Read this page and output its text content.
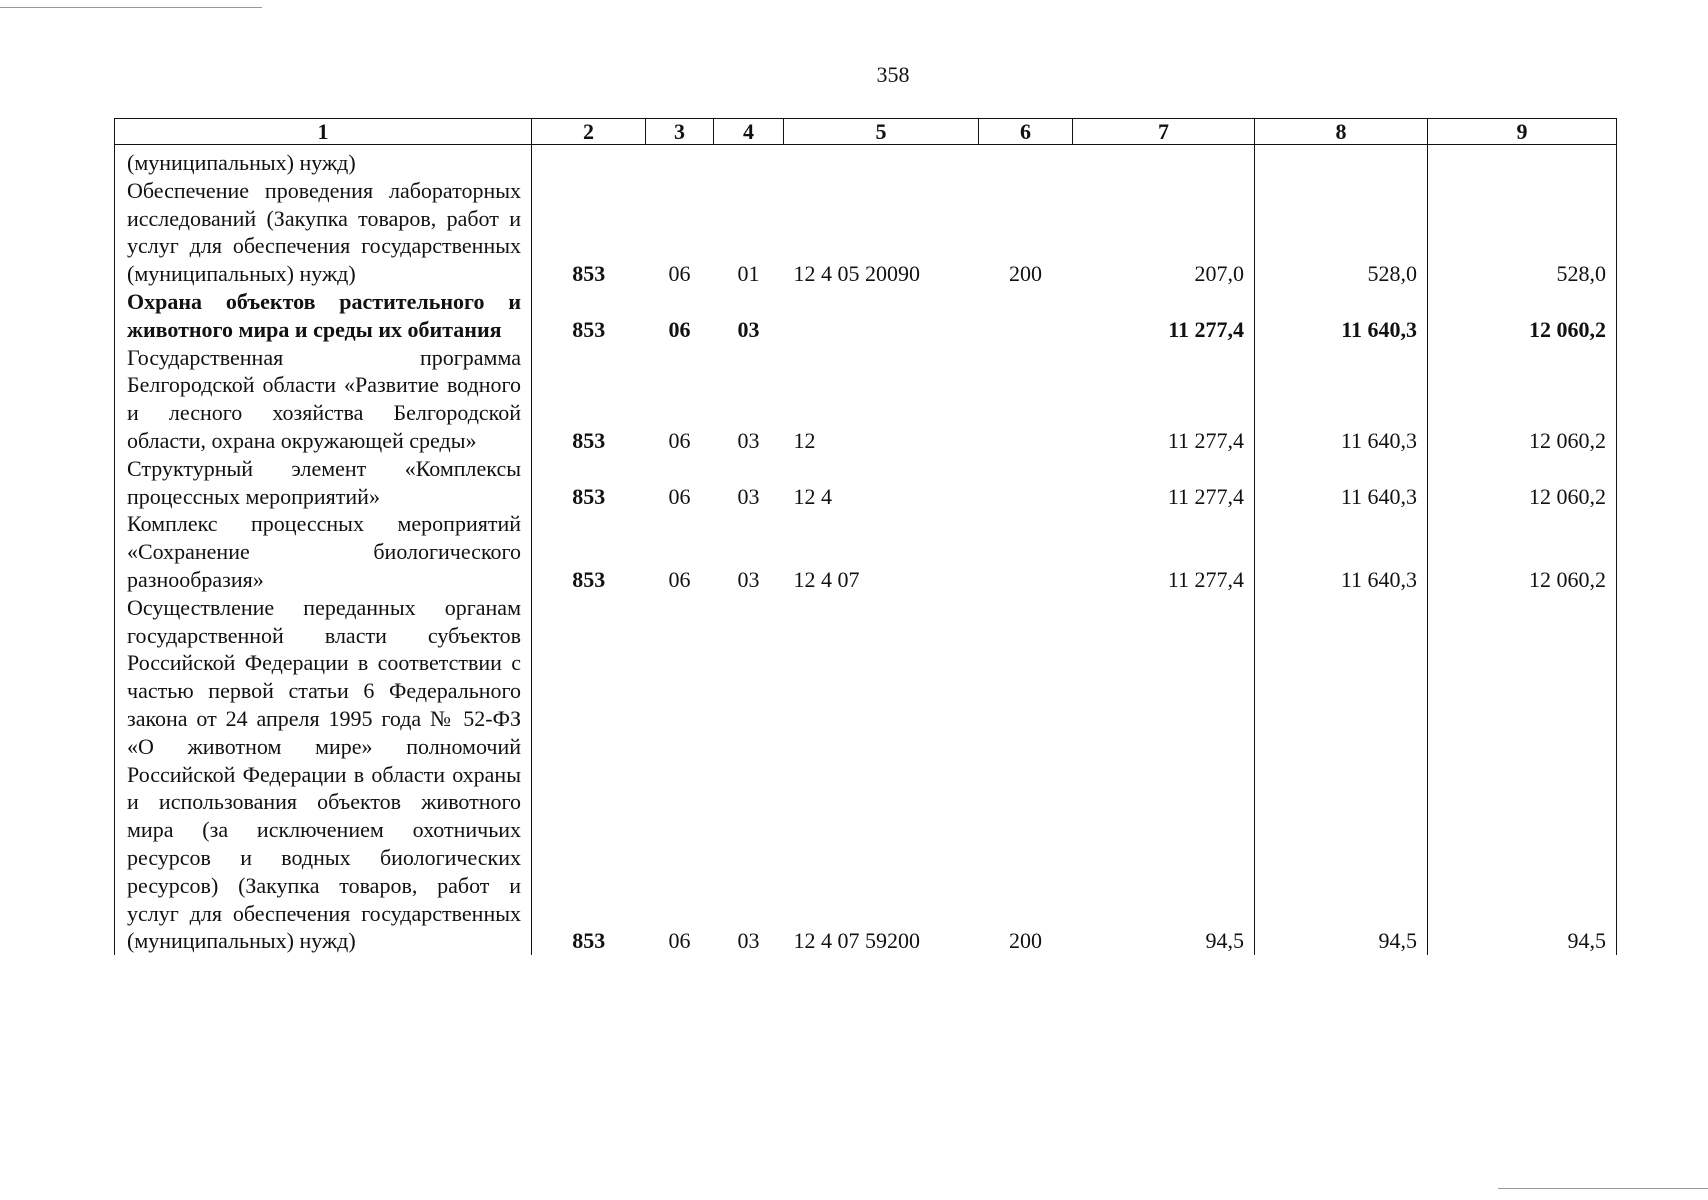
358
1	2	3	4	5	6	7	8	9
(муниципальных) нужд)								
Обеспечение проведения лабораторных исследований (Закупка товаров, работ и услуг для обеспечения государственных (муниципальных) нужд)	853	06	01	12 4 05 20090	200	207,0	528,0	528,0
Охрана объектов растительного и животного мира и среды их обитания	853	06	03			11 277,4	11 640,3	12 060,2
Государственная программа Белгородской области «Развитие водного и лесного хозяйства Белгородской области, охрана окружающей среды»	853	06	03	12		11 277,4	11 640,3	12 060,2
Структурный элемент «Комплексы процессных мероприятий»	853	06	03	12 4		11 277,4	11 640,3	12 060,2
Комплекс процессных мероприятий «Сохранение биологического разнообразия»	853	06	03	12 4 07		11 277,4	11 640,3	12 060,2
Осуществление переданных органам государственной власти субъектов Российской Федерации в соответствии с частью первой статьи 6 Федерального закона от 24 апреля 1995 года № 52-ФЗ «О животном мире» полномочий Российской Федерации в области охраны и использования объектов животного мира (за исключением охотничьих ресурсов и водных биологических ресурсов) (Закупка товаров, работ и услуг для обеспечения государственных (муниципальных) нужд)	853	06	03	12 4 07 59200	200	94,5	94,5	94,5
